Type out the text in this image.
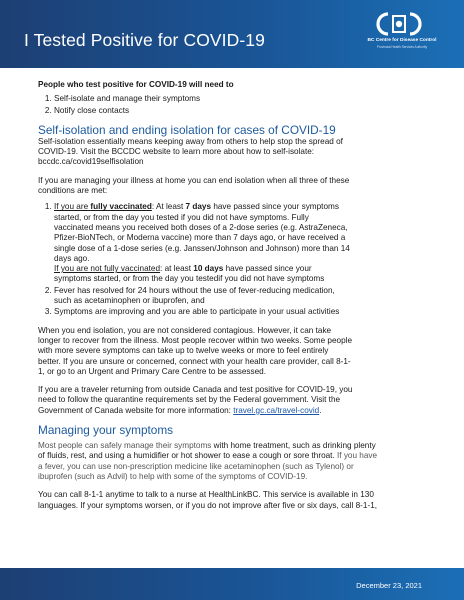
I Tested Positive for COVID-19	BC Centre for Disease Control
Provincial Health Services Authority

People who test positive for COVID-19 will need to

1. Self-isolate and manage their symptoms
2. Notify close contacts
Self-isolation and ending isolation for cases of COVID-19

Self-isolation essentially means keeping away from others to help stop the spread of
COVID-19. Visit the BCCDC website to learn more about how to self-isolate:
bccdc.ca/covid19selfisolation

If you are managing your illness at home you can end isolation when all three of these
conditions are met:

1. If you are fully vaccinated: At least 7 days have passed since your symptoms
started, or from the day you tested if you did not have symptoms. Fully
vaccinated means you received both doses of a 2-dose series (e.g. AstraZeneca,
Pfizer-BioNTech, or Moderna vaccine) more than 7 days ago, or have received a
single dose of a 1-dose series (e.g. Janssen/Johnson and Johnson) more than 14
days ago.
If you are not fully vaccinated: at least 10 days have passed since your
symptoms started, or from the day you testedif you did not have symptoms
2. Fever has resolved for 24 hours without the use of fever-reducing medication,
such as acetaminophen or ibuprofen, and
3. Symptoms are improving and you are able to participate in your usual activities

When you end isolation, you are not considered contagious. However, it can take
longer to recover from the illness. Most people recover within two weeks. Some people
with more severe symptoms can take up to twelve weeks or more to feel entirely
better. If you are unsure or concerned, connect with your health care provider, call 8-1-
1, or go to an Urgent and Primary Care Centre to be assessed.

If you are a traveler returning from outside Canada and test positive for COVID-19, you
need to follow the quarantine requirements set by the Federal government. Visit the
Government of Canada website for more information: travel.gc.ca/travel-covid.

Managing your symptoms

Most people can safely manage their symptoms with home treatment, such as drinking plenty
of fluids, rest, and using a humidifier or hot shower to ease a cough or sore throat. If you have
a fever, you can use non-prescription medicine like acetaminophen (such as Tylenol) or
ibuprofen (such as Advil) to help with some of the symptoms of COVID-19.

You can call 8-1-1 anytime to talk to a nurse at HealthLinkBC. This service is available in 130
languages. If your symptoms worsen, or if you do not improve after five or six days, call 8-1-1,

December 23, 2021
